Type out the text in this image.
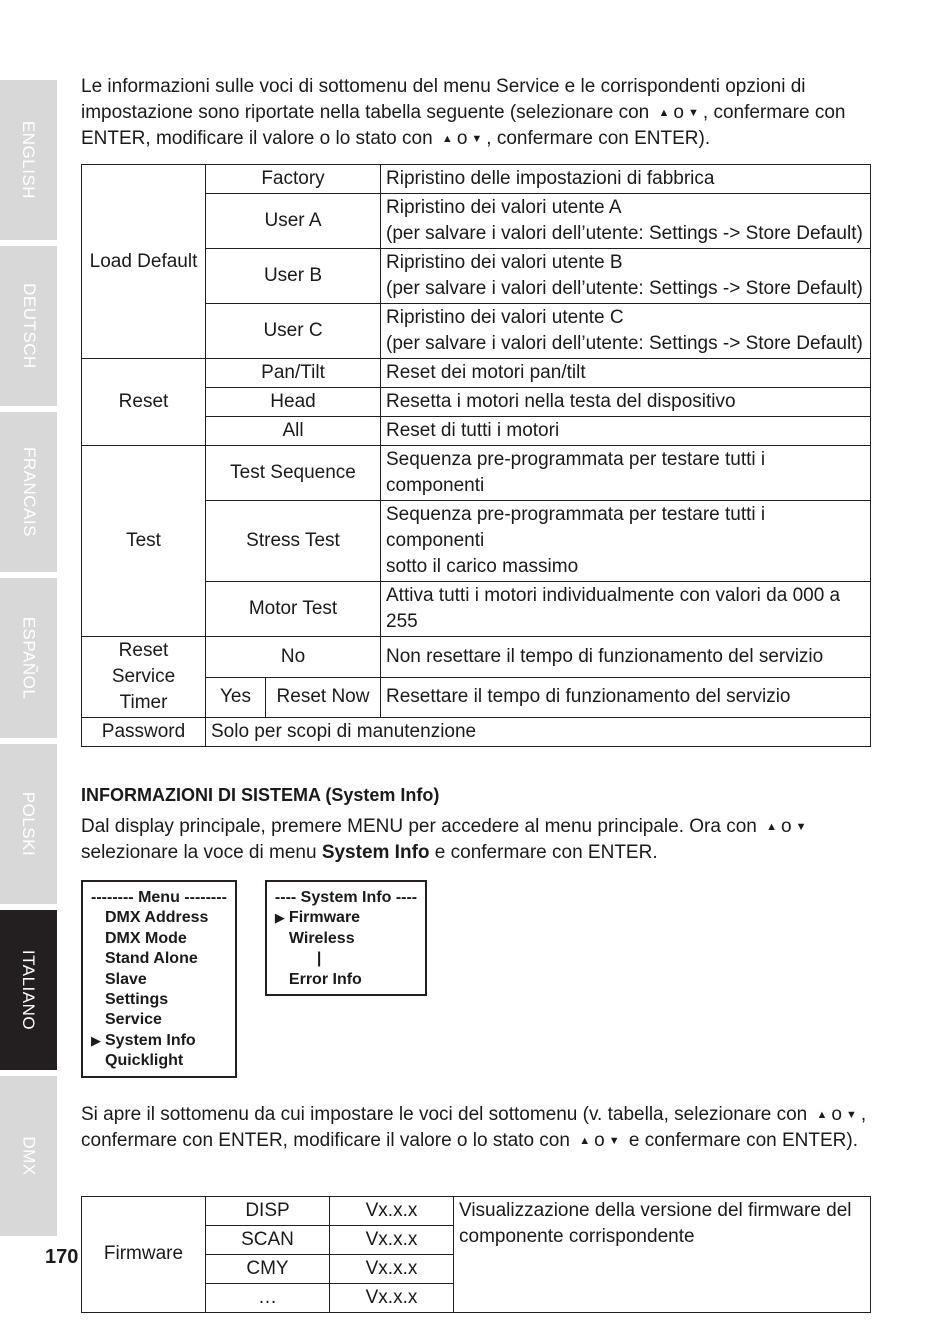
ENGLISH
DEUTSCH
FRANCAIS
ESPAÑOL
POLSKI
ITALIANO
DMX

Le informazioni sulle voci di sottomenu del menu Service e le corrispondenti opzioni di impostazione sono riportate nella tabella seguente (selezionare con ▲ o ▼ , confermare con ENTER, modificare il valore o lo stato con ▲ o ▼ , confermare con ENTER).

Load Default	Factory		Ripristino delle impostazioni di fabbrica
	User A		Ripristino dei valori utente A
(per salvare i valori dell’utente: Settings -> Store Default)

	User B		Ripristino dei valori utente B
(per salvare i valori dell’utente: Settings -> Store Default)

	User C		Ripristino dei valori utente C
(per salvare i valori dell’utente: Settings -> Store Default)

Reset	Pan/Tilt		Reset dei motori pan/tilt
	Head		Resetta i motori nella testa del dispositivo
	All		Reset di tutti i motori
Test	Test Sequence		Sequenza pre-programmata per testare tutti i componenti
	Stress Test		Sequenza pre-programmata per testare tutti i componenti
sotto il carico massimo

	Motor Test		Attiva tutti i motori individualmente con valori da 000 a 255

Reset Service
Timer	No		Non resettare il tempo di funzionamento del servizio
	Yes	Reset Now	Resettare il tempo di funzionamento del servizio
Password	Solo per scopi di manutenzione		
INFORMAZIONI DI SISTEMA (System Info)

Dal display principale, premere MENU per accedere al menu principale. Ora con ▲ o ▼ selezionare la voce di menu System Info e confermare con ENTER.

-------- Menu --------
DMX Address
DMX Mode
Stand Alone
Slave
Settings
Service
▶ System Info
Quicklight
---- System Info ----
▶ Firmware
Wireless
|
Error Info

Si apre il sottomenu da cui impostare le voci del sottomenu (v. tabella, selezionare con ▲ o ▼ , confermare con ENTER, modificare il valore o lo stato con ▲ o ▼ e confermare con ENTER).

Firmware	DISP	Vx.x.x	Visualizzazione della versione del firmware del componente corrispondente
	SCAN	Vx.x.x	
	CMY	Vx.x.x	
	…	Vx.x.x	
170
